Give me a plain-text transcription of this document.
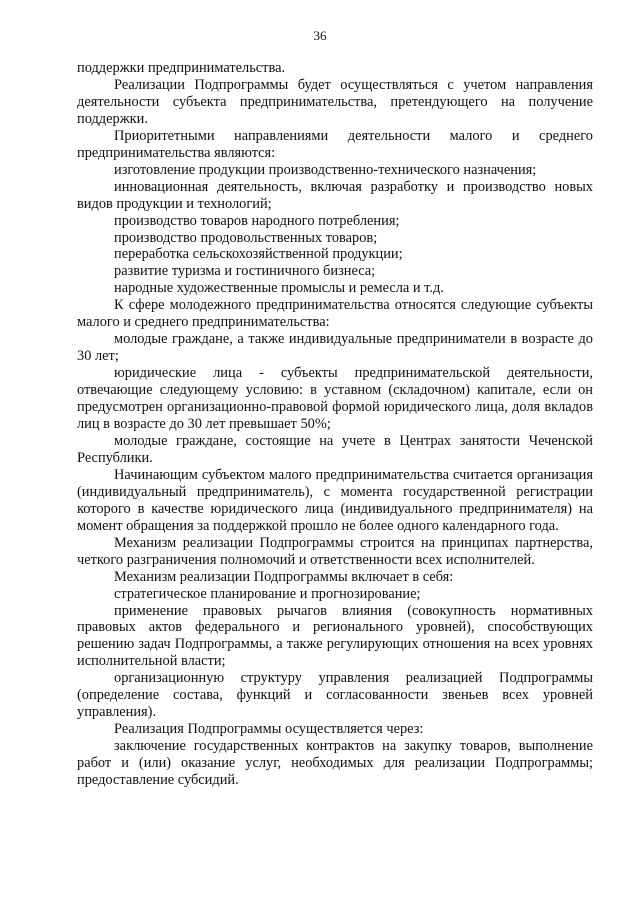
36

поддержки предпринимательства.

Реализации Подпрограммы будет осуществляться с учетом направления деятельности субъекта предпринимательства, претендующего на получение поддержки.

Приоритетными направлениями деятельности малого и среднего предпринимательства являются:

изготовление продукции производственно-технического назначения;

инновационная деятельность, включая разработку и производство новых видов продукции и технологий;

производство товаров народного потребления;

производство продовольственных товаров;

переработка сельскохозяйственной продукции;

развитие туризма и гостиничного бизнеса;

народные художественные промыслы и ремесла и т.д.

К сфере молодежного предпринимательства относятся следующие субъекты малого и среднего предпринимательства:

молодые граждане, а также индивидуальные предприниматели в возрасте до 30 лет;

юридические лица - субъекты предпринимательской деятельности, отвечающие следующему условию: в уставном (складочном) капитале, если он предусмотрен организационно-правовой формой юридического лица, доля вкладов лиц в возрасте до 30 лет превышает 50%;

молодые граждане, состоящие на учете в Центрах занятости Чеченской Республики.

Начинающим субъектом малого предпринимательства считается организация (индивидуальный предприниматель), с момента государственной регистрации которого в качестве юридического лица (индивидуального предпринимателя) на момент обращения за поддержкой прошло не более одного календарного года.

Механизм реализации Подпрограммы строится на принципах партнерства, четкого разграничения полномочий и ответственности всех исполнителей.

Механизм реализации Подпрограммы включает в себя:

стратегическое планирование и прогнозирование;

применение правовых рычагов влияния (совокупность нормативных правовых актов федерального и регионального уровней), способствующих решению задач Подпрограммы, а также регулирующих отношения на всех уровнях исполнительной власти;

организационную структуру управления реализацией Подпрограммы (определение состава, функций и согласованности звеньев всех уровней управления).

Реализация Подпрограммы осуществляется через:

заключение государственных контрактов на закупку товаров, выполнение работ и (или) оказание услуг, необходимых для реализации Подпрограммы; предоставление субсидий.
